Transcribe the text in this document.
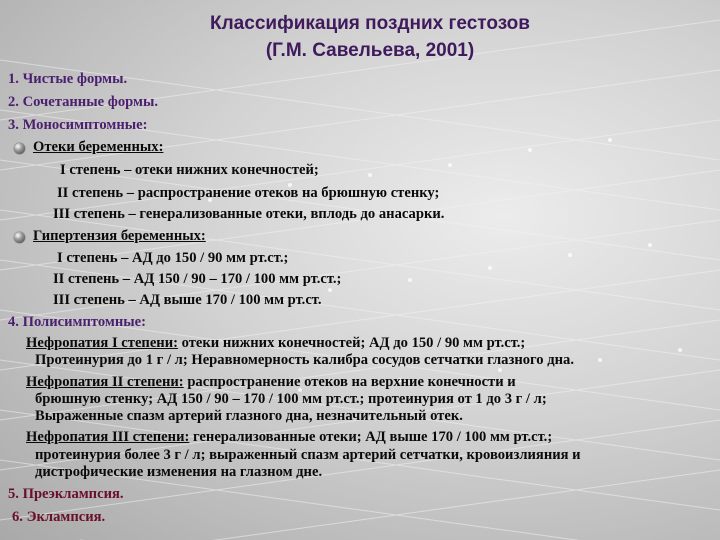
Классификация поздних гестозов
(Г.М. Савельева, 2001)
1. Чистые формы.
2. Сочетанные формы.
3. Моносимптомные:
Отеки беременных:
I степень – отеки нижних конечностей;
II степень – распространение отеков на брюшную стенку;
III степень – генерализованные отеки, вплодь до анасарки.
Гипертензия беременных:
I степень – АД до 150 / 90 мм рт.ст.;
II степень – АД 150 / 90 – 170 / 100 мм рт.ст.;
III степень – АД выше 170 / 100 мм рт.ст.
4. Полисимптомные:
Нефропатия I степени: отеки нижних конечностей; АД до 150 / 90 мм рт.ст.;
Протеинурия до 1 г / л; Неравномерность калибра сосудов сетчатки глазного дна.
Нефропатия II степени: распространение отеков на верхние конечности и
брюшную стенку; АД 150 / 90 – 170 / 100 мм рт.ст.; протеинурия от 1 до 3 г / л;
Выраженные спазм артерий глазного дна, незначительный отек.
Нефропатия III степени: генерализованные отеки; АД выше 170 / 100 мм рт.ст.;
протеинурия более 3 г / л; выраженный спазм артерий сетчатки, кровоизлияния и
дистрофические изменения на глазном дне.
5. Преэклампсия.
6. Эклампсия.
